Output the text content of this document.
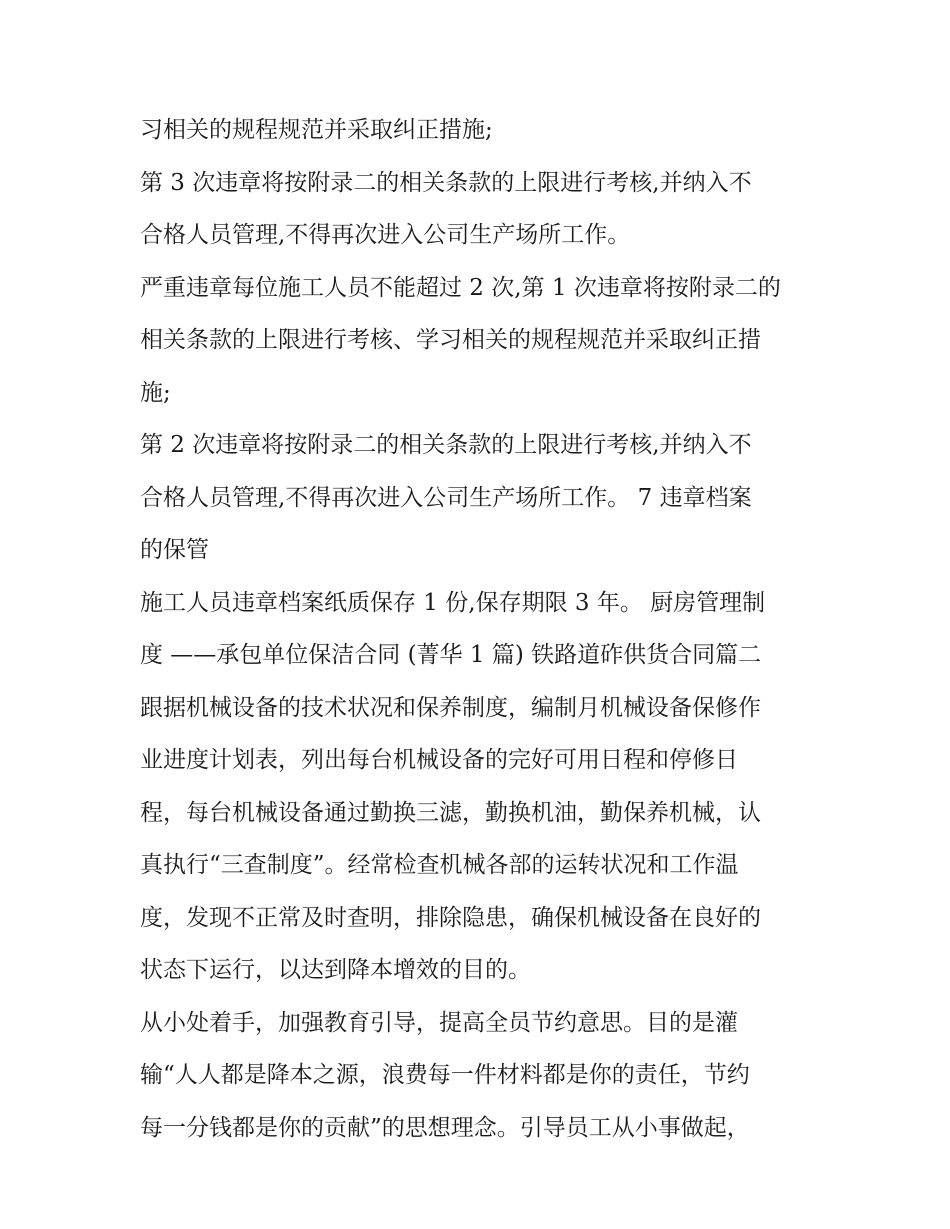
习相关的规程规范并采取纠正措施;
第 3 次违章将按附录二的相关条款的上限进行考核,并纳入不
合格人员管理,不得再次进入公司生产场所工作。
严重违章每位施工人员不能超过 2 次,第 1 次违章将按附录二的
相关条款的上限进行考核、学习相关的规程规范并采取纠正措
施;
第 2 次违章将按附录二的相关条款的上限进行考核,并纳入不
合格人员管理,不得再次进入公司生产场所工作。 7 违章档案
的保管
施工人员违章档案纸质保存 1 份,保存期限 3 年。 厨房管理制
度 ——承包单位保洁合同 (菁华 1 篇) 铁路道砟供货合同篇二
跟据机械设备的技术状况和保养制度，编制月机械设备保修作
业进度计划表，列出每台机械设备的完好可用日程和停修日
程，每台机械设备通过勤换三滤，勤换机油，勤保养机械，认
真执行“三查制度”。经常检查机械各部的运转状况和工作温
度，发现不正常及时查明，排除隐患，确保机械设备在良好的
状态下运行，以达到降本增效的目的。
从小处着手，加强教育引导，提高全员节约意思。目的是灌
输“人人都是降本之源，浪费每一件材料都是你的责任，节约
每一分钱都是你的贡献”的思想理念。引导员工从小事做起，
